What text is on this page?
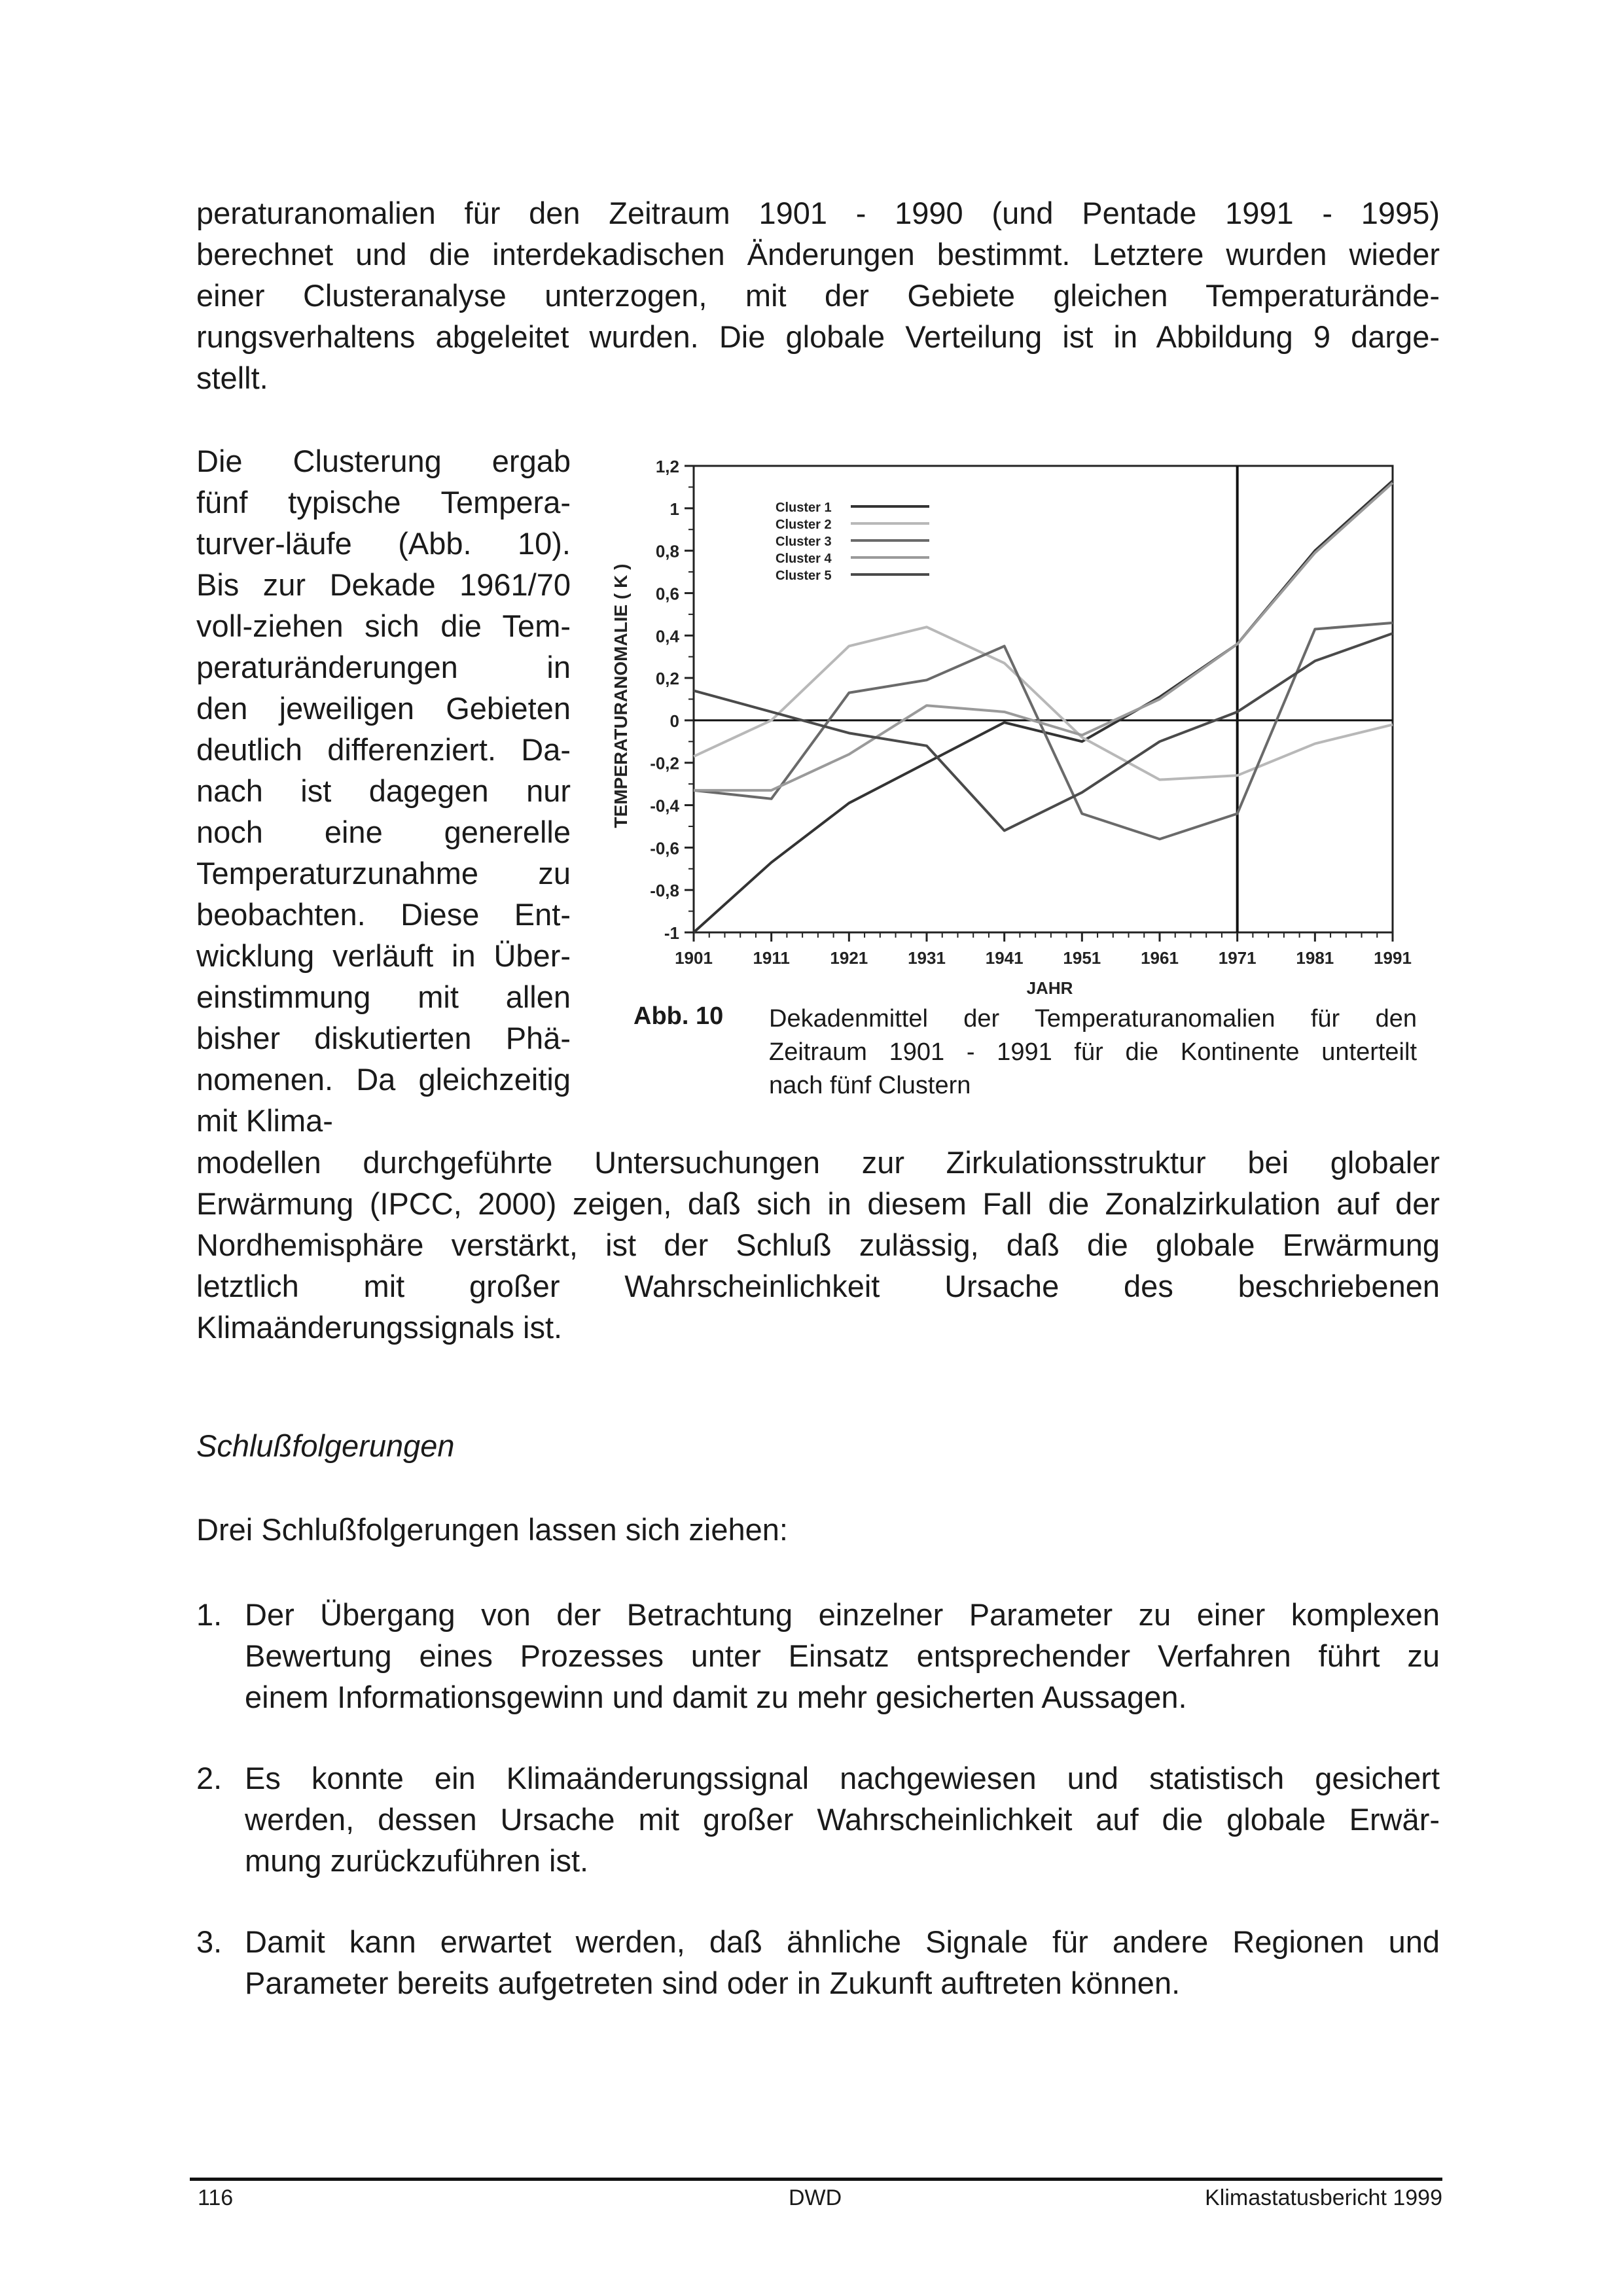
peraturanomalien für den Zeitraum 1901 - 1990 (und Pentade 1991 - 1995)
berechnet und die interdekadischen Änderungen bestimmt. Letztere wurden wieder
einer Clusteranalyse unterzogen, mit der Gebiete gleichen Temperaturände-
rungsverhaltens abgeleitet wurden. Die globale Verteilung ist in Abbildung 9 darge-
stellt.
Die Clusterung ergab
fünf typische Tempera-
turver-läufe (Abb. 10).
Bis zur Dekade 1961/70
voll-ziehen sich die Tem-
peraturänderungen in
den jeweiligen Gebieten
deutlich differenziert. Da-
nach ist dagegen nur
noch eine generelle
Temperaturzunahme zu
beobachten. Diese Ent-
wicklung verläuft in Über-
einstimmung mit allen
bisher diskutierten Phä-
nomenen. Da gleichzeitig
mit Klima-
-1
-0,8
-0,6
-0,4
-0,2
0
0,2
0,4
0,6
0,8
1
1,2
1901 1911 1921 1931 1941 1951 1961 1971 1981 1991
JAHR
TEMPERATURANOMALIE ( K )
Cluster 1
Cluster 2
Cluster 3
Cluster 4
Cluster 5

Abb. 10 Dekadenmittel der Temperaturanomalien für den
Zeitraum 1901 - 1991 für die Kontinente unterteilt
nach fünf Clustern
modellen durchgeführte Untersuchungen zur Zirkulationsstruktur bei globaler
Erwärmung (IPCC, 2000) zeigen, daß sich in diesem Fall die Zonalzirkulation auf der
Nordhemisphäre verstärkt, ist der Schluß zulässig, daß die globale Erwärmung
letztlich mit großer Wahrscheinlichkeit Ursache des beschriebenen
Klimaänderungssignals ist.

Schlußfolgerungen

Drei Schlußfolgerungen lassen sich ziehen:

1. Der Übergang von der Betrachtung einzelner Parameter zu einer komplexen
Bewertung eines Prozesses unter Einsatz entsprechender Verfahren führt zu
einem Informationsgewinn und damit zu mehr gesicherten Aussagen.
2. Es konnte ein Klimaänderungssignal nachgewiesen und statistisch gesichert
werden, dessen Ursache mit großer Wahrscheinlichkeit auf die globale Erwär-
mung zurückzuführen ist.
3. Damit kann erwartet werden, daß ähnliche Signale für andere Regionen und
Parameter bereits aufgetreten sind oder in Zukunft auftreten können.
116	DWD	Klimastatusbericht 1999
